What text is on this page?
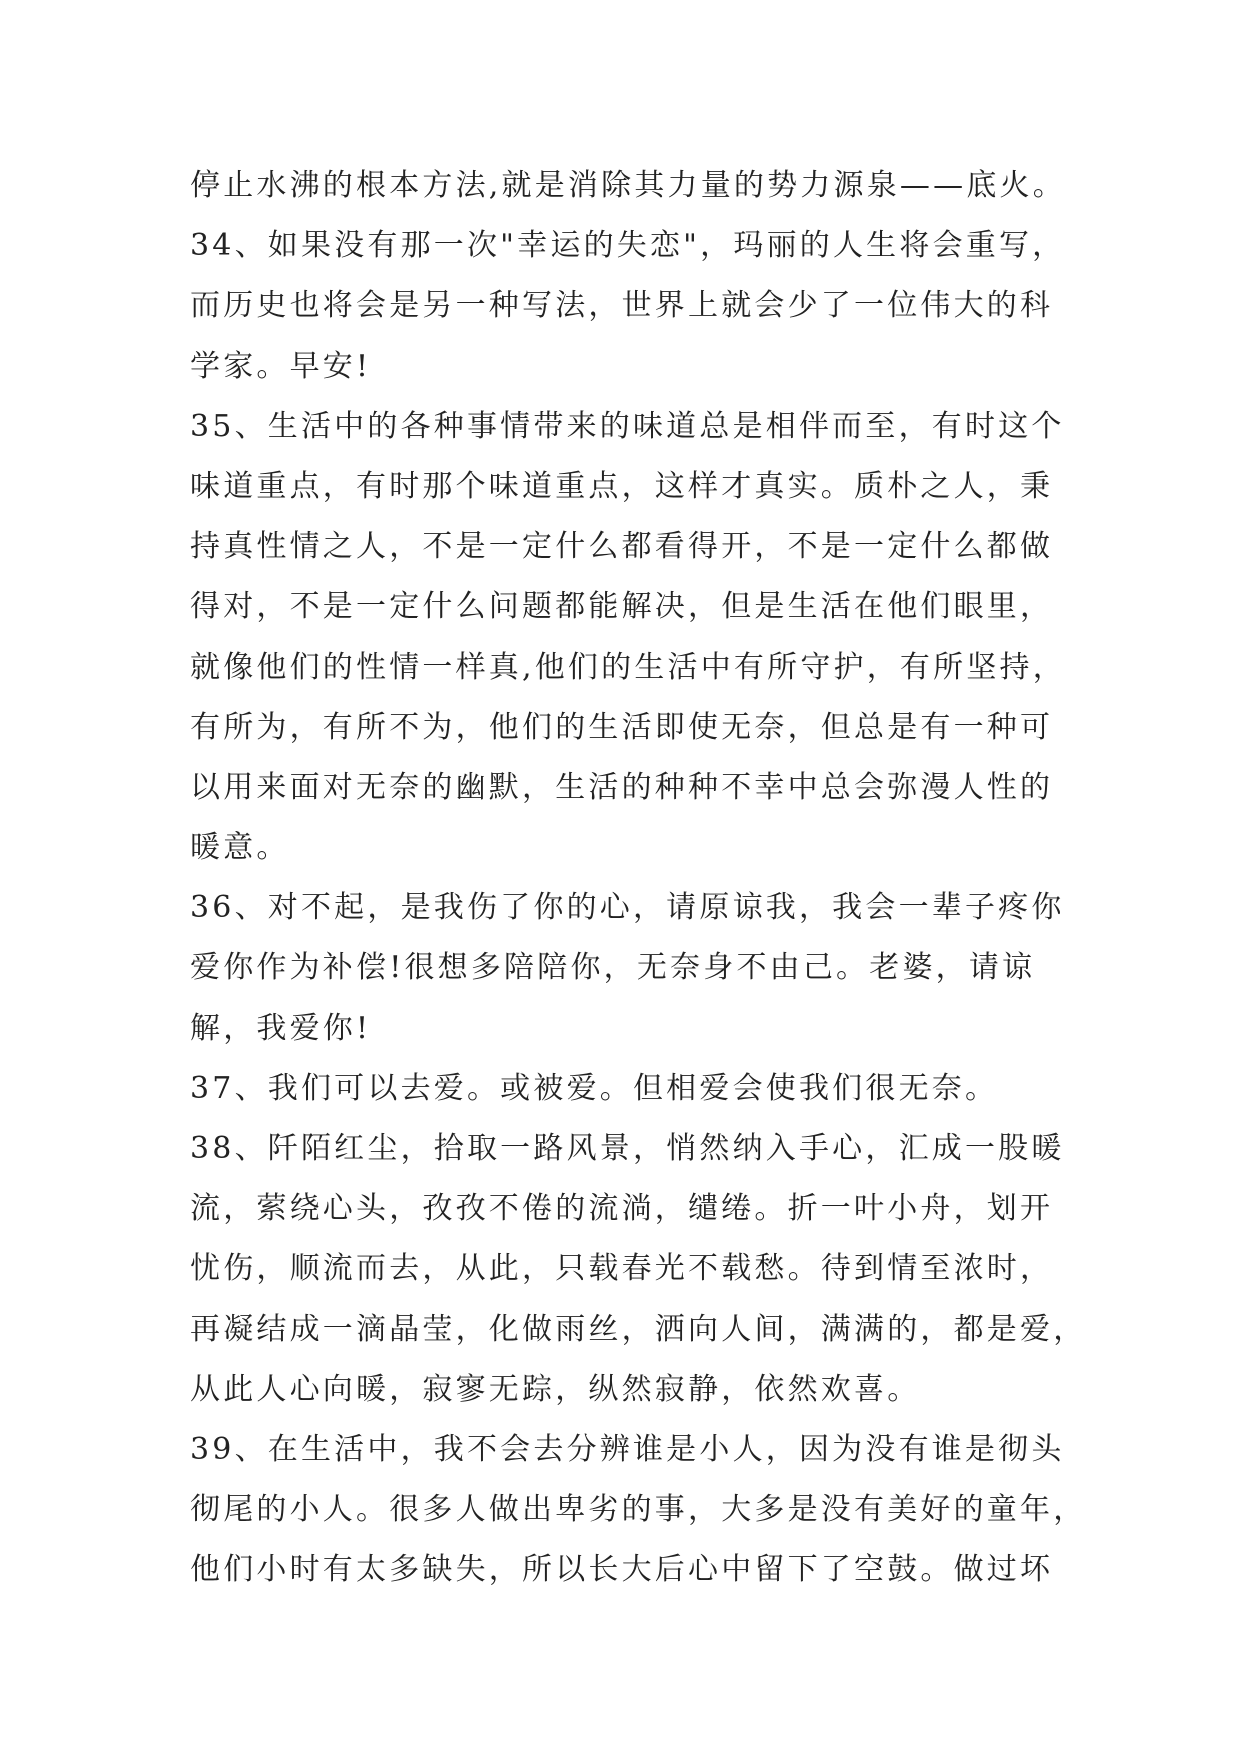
停止水沸的根本方法,就是消除其力量的势力源泉——底火。
34、如果没有那一次"幸运的失恋"，玛丽的人生将会重写，
而历史也将会是另一种写法，世界上就会少了一位伟大的科
学家。早安!
35、生活中的各种事情带来的味道总是相伴而至，有时这个
味道重点，有时那个味道重点，这样才真实。质朴之人，秉
持真性情之人，不是一定什么都看得开，不是一定什么都做
得对，不是一定什么问题都能解决，但是生活在他们眼里，
就像他们的性情一样真,他们的生活中有所守护，有所坚持，
有所为，有所不为，他们的生活即使无奈，但总是有一种可
以用来面对无奈的幽默，生活的种种不幸中总会弥漫人性的
暖意。
36、对不起，是我伤了你的心，请原谅我，我会一辈子疼你
爱你作为补偿!很想多陪陪你，无奈身不由己。老婆，请谅
解，我爱你!
37、我们可以去爱。或被爱。但相爱会使我们很无奈。
38、阡陌红尘，拾取一路风景，悄然纳入手心，汇成一股暖
流，萦绕心头，孜孜不倦的流淌，缱绻。折一叶小舟，划开
忧伤，顺流而去，从此，只载春光不载愁。待到情至浓时，
再凝结成一滴晶莹，化做雨丝，洒向人间，满满的，都是爱，
从此人心向暖，寂寥无踪，纵然寂静，依然欢喜。
39、在生活中，我不会去分辨谁是小人，因为没有谁是彻头
彻尾的小人。很多人做出卑劣的事，大多是没有美好的童年，
他们小时有太多缺失，所以长大后心中留下了空鼓。做过坏
